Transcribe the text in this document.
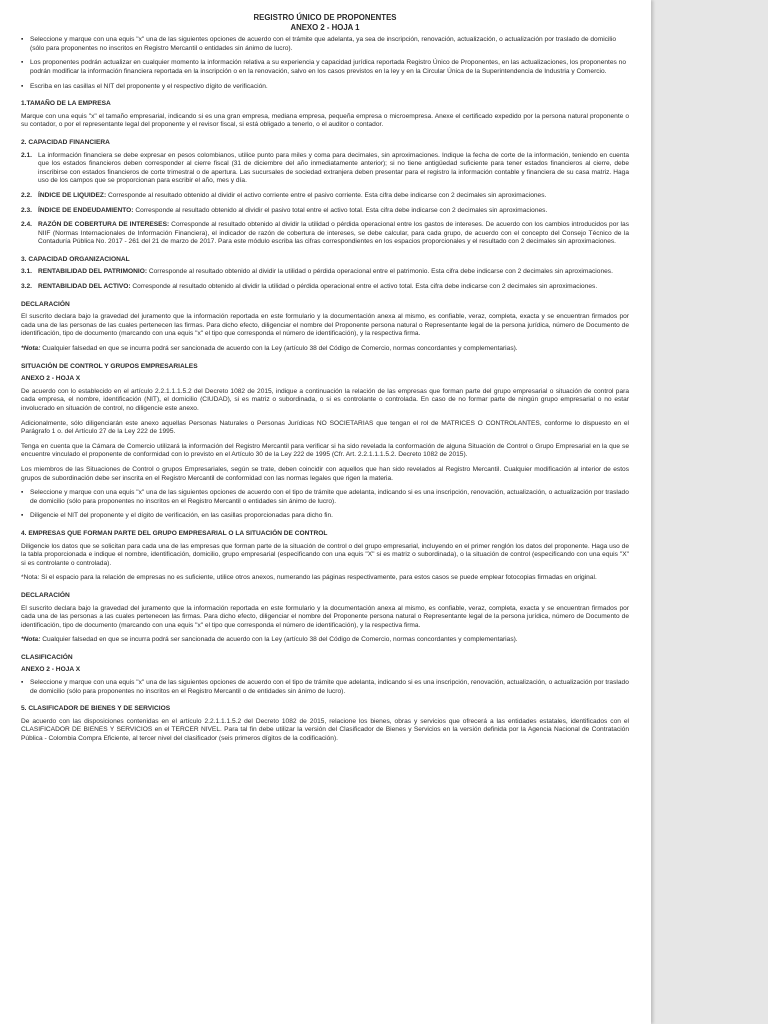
REGISTRO ÚNICO DE PROPONENTES
ANEXO 2 - HOJA 1
▪ Seleccione y marque con una equis "x" una de las siguientes opciones de acuerdo con el trámite que adelanta, ya sea de inscripción, renovación, actualización, o actualización por traslado de domicilio (sólo para proponentes no inscritos en Registro Mercantil o entidades sin ánimo de lucro).
▪ Los proponentes podrán actualizar en cualquier momento la información relativa a su experiencia y capacidad jurídica reportada Registro Único de Proponentes, en las actualizaciones, los proponentes no podrán modificar la información financiera reportada en la inscripción o en la renovación, salvo en los casos previstos en la ley y en la Circular Única de la Superintendencia de Industria y Comercio.
▪ Escriba en las casillas el NIT del proponente y el respectivo dígito de verificación.
1.TAMAÑO DE LA EMPRESA
Marque con una equis "x" el tamaño empresarial, indicando si es una gran empresa, mediana empresa, pequeña empresa o microempresa. Anexe el certificado expedido por la persona natural proponente o su contador, o por el representante legal del proponente y el revisor fiscal, si está obligado a tenerlo, o el auditor o contador.
2. CAPACIDAD FINANCIERA
2.1. La información financiera se debe expresar en pesos colombianos, utilice punto para miles y coma para decimales, sin aproximaciones. Indique la fecha de corte de la información, teniendo en cuenta que los estados financieros deben corresponder al cierre fiscal (31 de diciembre del año inmediatamente anterior); si no tiene antigüedad suficiente para tener estados financieros al cierre, debe inscribirse con estados financieros de corte trimestral o de apertura. Las sucursales de sociedad extranjera deben presentar para el registro la información contable y financiera de su casa matriz. Haga uso de los campos que se proporcionan para escribir el año, mes y día.
2.2. ÍNDICE DE LIQUIDEZ: Corresponde al resultado obtenido al dividir el activo corriente entre el pasivo corriente. Esta cifra debe indicarse con 2 decimales sin aproximaciones.
2.3. ÍNDICE DE ENDEUDAMIENTO: Corresponde al resultado obtenido al dividir el pasivo total entre el activo total. Esta cifra debe indicarse con 2 decimales sin aproximaciones.
2.4. RAZÓN DE COBERTURA DE INTERESES: Corresponde al resultado obtenido al dividir la utilidad o pérdida operacional entre los gastos de intereses. De acuerdo con los cambios introducidos por las NIIF (Normas Internacionales de Información Financiera), el indicador de razón de cobertura de intereses, se debe calcular, para cada grupo, de acuerdo con el concepto del Consejo Técnico de la Contaduría Pública No. 2017 - 261 del 21 de marzo de 2017. Para este módulo escriba las cifras correspondientes en los espacios proporcionales y el resultado con 2 decimales sin aproximaciones.
3. CAPACIDAD ORGANIZACIONAL
3.1. RENTABILIDAD DEL PATRIMONIO: Corresponde al resultado obtenido al dividir la utilidad o pérdida operacional entre el patrimonio. Esta cifra debe indicarse con 2 decimales sin aproximaciones.
3.2. RENTABILIDAD DEL ACTIVO: Corresponde al resultado obtenido al dividir la utilidad o pérdida operacional entre el activo total. Esta cifra debe indicarse con 2 decimales sin aproximaciones.
DECLARACIÓN
El suscrito declara bajo la gravedad del juramento que la información reportada en este formulario y la documentación anexa al mismo, es confiable, veraz, completa, exacta y se encuentran firmados por cada una de las personas de las cuales pertenecen las firmas. Para dicho efecto, diligenciar el nombre del Proponente persona natural o Representante legal de la persona jurídica, número de Documento de identificación, tipo de documento (marcando con una equis "x" el tipo que corresponda el número de identificación), y la respectiva firma.
*Nota: Cualquier falsedad en que se incurra podrá ser sancionada de acuerdo con la Ley (artículo 38 del Código de Comercio, normas concordantes y complementarias).
SITUACIÓN DE CONTROL Y GRUPOS EMPRESARIALES
ANEXO 2 - HOJA X
De acuerdo con lo establecido en el artículo 2.2.1.1.1.5.2 del Decreto 1082 de 2015, indique a continuación la relación de las empresas que forman parte del grupo empresarial o situación de control para cada empresa, el nombre, identificación (NIT), el domicilio (CIUDAD), si es matriz o subordinada, o si es controlante o controlada. En caso de no formar parte de ningún grupo empresarial o no estar involucrado en situación de control, no diligencie este anexo.
Adicionalmente, sólo diligenciarán este anexo aquellas Personas Naturales o Personas Jurídicas NO SOCIETARIAS que tengan el rol de MATRICES O CONTROLANTES, conforme lo dispuesto en el Parágrafo 1 o. del Artículo 27 de la Ley 222 de 1995.
Tenga en cuenta que la Cámara de Comercio utilizará la información del Registro Mercantil para verificar si ha sido revelada la conformación de alguna Situación de Control o Grupo Empresarial en la que se encuentre vinculado el proponente de conformidad con lo previsto en el Artículo 30 de la Ley 222 de 1995 (Cfr. Art. 2.2.1.1.1.5.2. Decreto 1082 de 2015).
Los miembros de las Situaciones de Control o grupos Empresariales, según se trate, deben coincidir con aquellos que han sido revelados al Registro Mercantil. Cualquier modificación al interior de estos grupos de subordinación debe ser inscrita en el Registro Mercantil de conformidad con las normas legales que rigen la materia.
▪ Seleccione y marque con una equis "x" una de las siguientes opciones de acuerdo con el tipo de trámite que adelanta, indicando si es una inscripción, renovación, actualización, o actualización por traslado de domicilio (sólo para proponentes no inscritos en el Registro Mercantil o entidades sin ánimo de lucro).
▪ Diligencie el NIT del proponente y el dígito de verificación, en las casillas proporcionadas para dicho fin.
4. EMPRESAS QUE FORMAN PARTE DEL GRUPO EMPRESARIAL O LA SITUACIÓN DE CONTROL
Diligencie los datos que se solicitan para cada una de las empresas que forman parte de la situación de control o del grupo empresarial, incluyendo en el primer renglón los datos del proponente. Haga uso de la tabla proporcionada e indique el nombre, identificación, domicilio, grupo empresarial (especificando con una equis "X" si es matriz o subordinada), o la situación de control (especificando con una equis "X" si es controlante o controlada).
*Nota: Si el espacio para la relación de empresas no es suficiente, utilice otros anexos, numerando las páginas respectivamente, para estos casos se puede emplear fotocopias firmadas en original.
DECLARACIÓN
El suscrito declara bajo la gravedad del juramento que la información reportada en este formulario y la documentación anexa al mismo, es confiable, veraz, completa, exacta y se encuentran firmados por cada una de las personas a las cuales pertenecen las firmas. Para dicho efecto, diligenciar el nombre del Proponente persona natural o Representante legal de la persona jurídica, número de Documento de identificación, tipo de documento (marcando con una equis "x" el tipo que corresponda el número de identificación), y la respectiva firma.
*Nota: Cualquier falsedad en que se incurra podrá ser sancionada de acuerdo con la Ley (artículo 38 del Código de Comercio, normas concordantes y complementarias).
CLASIFICACIÓN
ANEXO 2 - HOJA X
▪ Seleccione y marque con una equis "x" una de las siguientes opciones de acuerdo con el tipo de trámite que adelanta, indicando si es una inscripción, renovación, actualización, o actualización por traslado de domicilio (sólo para proponentes no inscritos en el Registro Mercantil o de entidades sin ánimo de lucro).
5. CLASIFICADOR DE BIENES Y DE SERVICIOS
De acuerdo con las disposiciones contenidas en el artículo 2.2.1.1.1.5.2 del Decreto 1082 de 2015, relacione los bienes, obras y servicios que ofrecerá a las entidades estatales, identificados con el CLASIFICADOR DE BIENES Y SERVICIOS en el TERCER NIVEL. Para tal fin debe utilizar la versión del Clasificador de Bienes y Servicios en la versión definida por la Agencia Nacional de Contratación Pública - Colombia Compra Eficiente, al tercer nivel del clasificador (seis primeros dígitos de la codificación).
